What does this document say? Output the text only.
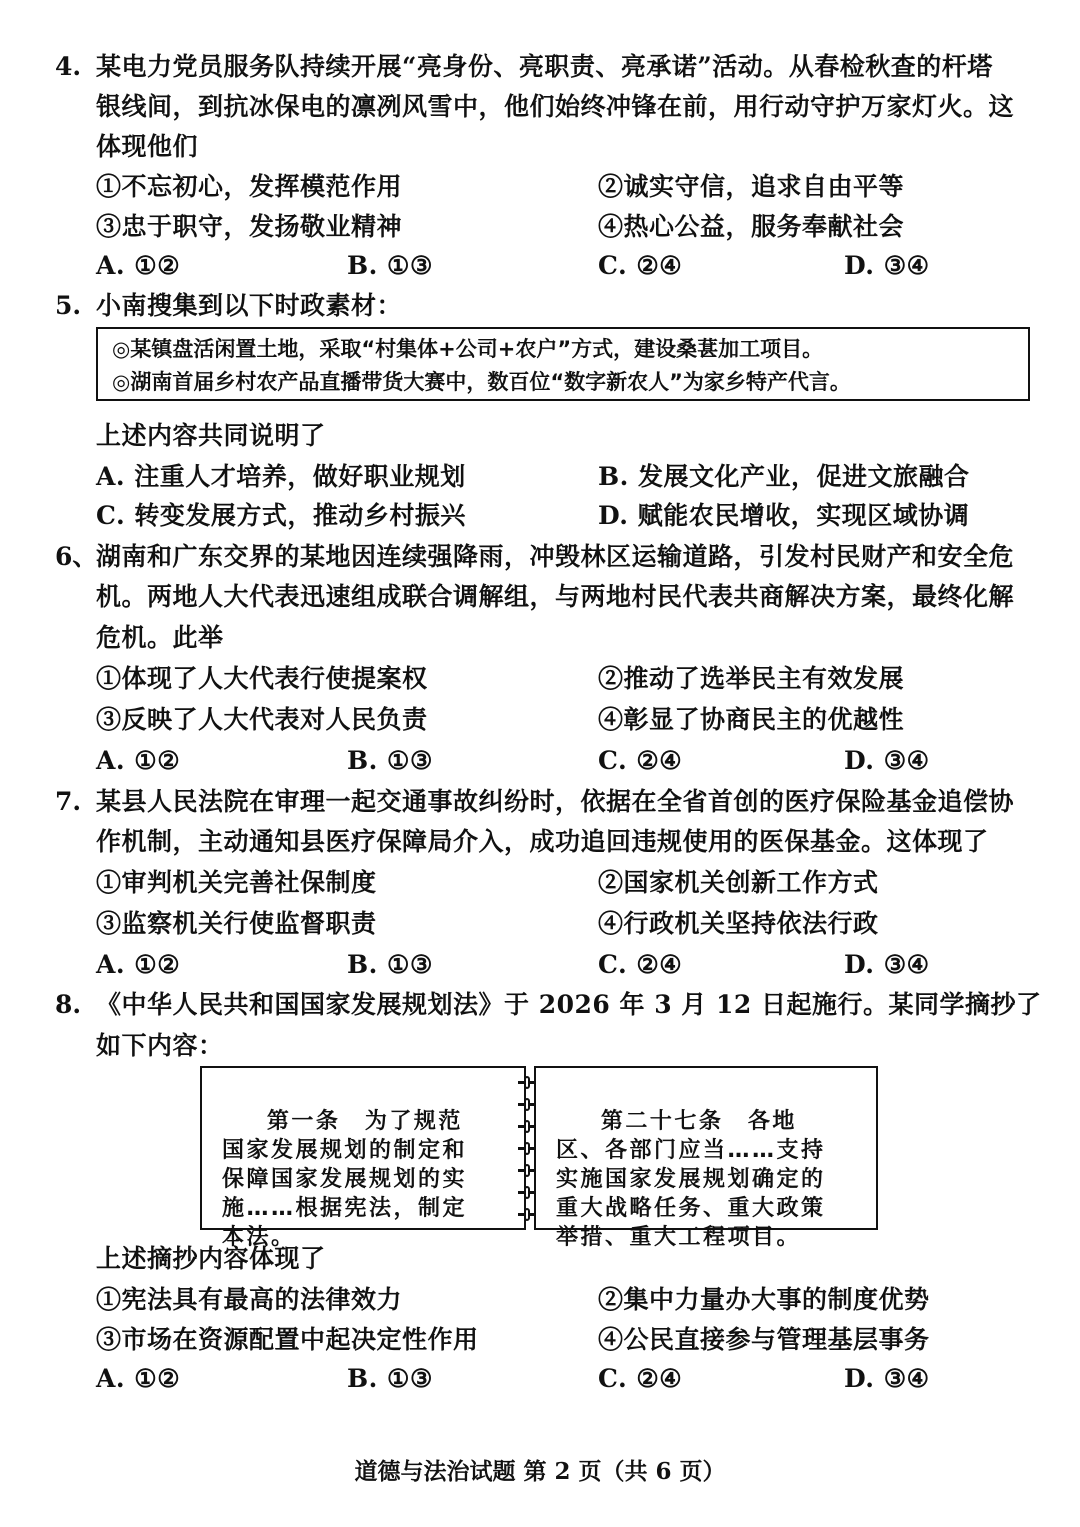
4. 某电力党员服务队持续开展“亮身份、亮职责、亮承诺”活动。从春检秋查的杆塔
银线间，到抗冰保电的凛冽风雪中，他们始终冲锋在前，用行动守护万家灯火。这
体现他们
①不忘初心，发挥模范作用	②诚实守信，追求自由平等
③忠于职守，发扬敬业精神	④热心公益，服务奉献社会
A. ①②	B. ①③	C. ②④	D. ③④
5. 小南搜集到以下时政素材：
◎某镇盘活闲置土地，采取“村集体+公司+农户”方式，建设桑葚加工项目。
◎湖南首届乡村农产品直播带货大赛中，数百位“数字新农人”为家乡特产代言。
上述内容共同说明了
A. 注重人才培养，做好职业规划	B. 发展文化产业，促进文旅融合
C. 转变发展方式，推动乡村振兴	D. 赋能农民增收，实现区域协调
6、
湖南和广东交界的某地因连续强降雨，冲毁林区运输道路，引发村民财产和安全危
机。两地人大代表迅速组成联合调解组，与两地村民代表共商解决方案，最终化解
危机。此举
①体现了人大代表行使提案权	②推动了选举民主有效发展
③反映了人大代表对人民负责	④彰显了协商民主的优越性
A. ①②	B. ①③	C. ②④	D. ③④
7. 某县人民法院在审理一起交通事故纠纷时，依据在全省首创的医疗保险基金追偿协
作机制，主动通知县医疗保障局介入，成功追回违规使用的医保基金。这体现了
①审判机关完善社保制度	②国家机关创新工作方式
③监察机关行使监督职责	④行政机关坚持依法行政
A. ①②	B. ①③	C. ②④	D. ③④
8. 《中华人民共和国国家发展规划法》于 2026 年 3 月 12 日起施行。某同学摘抄了
如下内容：

　第一条　为了规范
国家发展规划的制定和
保障国家发展规划的实
施……根据宪法，制定
本法。

　第二十七条　各地
区、各部门应当……支持
实施国家发展规划确定的
重大战略任务、重大政策
举措、重大工程项目。

上述摘抄内容体现了
①宪法具有最高的法律效力	②集中力量办大事的制度优势
③市场在资源配置中起决定性作用	④公民直接参与管理基层事务
A. ①②	B. ①③	C. ②④	D. ③④
道德与法治试题 第 2 页（共 6 页）
